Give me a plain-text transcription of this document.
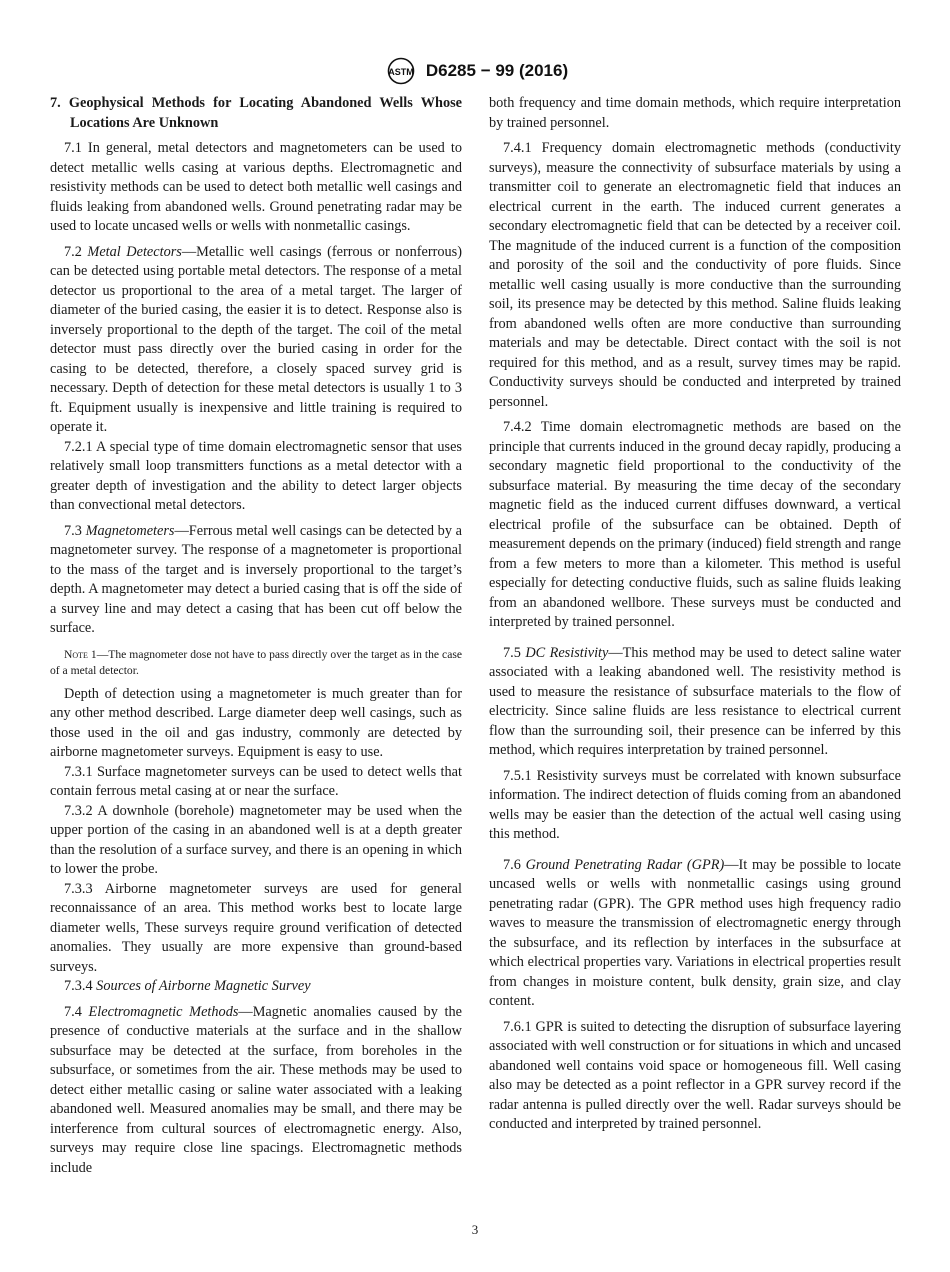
ASTM D6285 − 99 (2016)
7. Geophysical Methods for Locating Abandoned Wells Whose Locations Are Unknown

7.1 In general, metal detectors and magnetometers can be used to detect metallic wells casing at various depths. Electromagnetic and resistivity methods can be used to detect both metallic well casings and fluids leaking from abandoned wells. Ground penetrating radar may be used to locate uncased wells or wells with nonmetallic casings.

7.2 Metal Detectors—Metallic well casings (ferrous or nonferrous) can be detected using portable metal detectors. The response of a metal detector us proportional to the area of a metal target. The larger of diameter of the buried casing, the easier it is to detect. Response also is inversely proportional to the depth of the target. The coil of the metal detector must pass directly over the buried casing in order for the casing to be detected, therefore, a closely spaced survey grid is necessary. Depth of detection for these metal detectors is usually 1 to 3 ft. Equipment usually is inexpensive and little training is required to operate it.

7.2.1 A special type of time domain electromagnetic sensor that uses relatively small loop transmitters functions as a metal detector with a greater depth of investigation and the ability to detect larger objects than convectional metal detectors.

7.3 Magnetometers—Ferrous metal well casings can be detected by a magnetometer survey. The response of a magnetometer is proportional to the mass of the target and is inversely proportional to the target’s depth. A magnetometer may detect a buried casing that is off the side of a survey line and may detect a casing that has been cut off below the surface.

Note 1—The magnometer dose not have to pass directly over the target as in the case of a metal detector.

Depth of detection using a magnetometer is much greater than for any other method described. Large diameter deep well casings, such as those used in the oil and gas industry, commonly are detected by airborne magnetometer surveys. Equipment is easy to use.

7.3.1 Surface magnetometer surveys can be used to detect wells that contain ferrous metal casing at or near the surface.

7.3.2 A downhole (borehole) magnetometer may be used when the upper portion of the casing in an abandoned well is at a depth greater than the resolution of a surface survey, and there is an opening in which to lower the probe.

7.3.3 Airborne magnetometer surveys are used for general reconnaissance of an area. This method works best to locate large diameter wells, These surveys require ground verification of detected anomalies. They usually are more expensive than ground-based surveys.

7.3.4 Sources of Airborne Magnetic Survey

7.4 Electromagnetic Methods—Magnetic anomalies caused by the presence of conductive materials at the surface and in the shallow subsurface may be detected at the surface, from boreholes in the subsurface, or sometimes from the air. These methods may be used to detect either metallic casing or saline water associated with a leaking abandoned well. Measured anomalies may be small, and there may be interference from cultural sources of electromagnetic energy. Also, surveys may require close line spacings. Electromagnetic methods include

both frequency and time domain methods, which require interpretation by trained personnel.

7.4.1 Frequency domain electromagnetic methods (conductivity surveys), measure the connectivity of subsurface materials by using a transmitter coil to generate an electromagnetic field that induces an electrical current in the earth. The induced current generates a secondary electromagnetic field that can be detected by a receiver coil. The magnitude of the induced current is a function of the composition and porosity of the soil and the conductivity of pore fluids. Since metallic well casing usually is more conductive than the surrounding soil, its presence may be detected by this method. Saline fluids leaking from abandoned wells often are more conductive than surrounding materials and may be detectable. Direct contact with the soil is not required for this method, and as a result, survey times may be rapid. Conductivity surveys should be conducted and interpreted by trained personnel.

7.4.2 Time domain electromagnetic methods are based on the principle that currents induced in the ground decay rapidly, producing a secondary magnetic field proportional to the conductivity of the subsurface material. By measuring the time decay of the secondary magnetic field as the induced current diffuses downward, a vertical electrical profile of the subsurface can be obtained. Depth of measurement depends on the primary (induced) field strength and range from a few meters to more than a kilometer. This method is useful especially for detecting conductive fluids, such as saline fluids leaking from an abandoned wellbore. These surveys must be conducted and interpreted by trained personnel.

7.5 DC Resistivity—This method may be used to detect saline water associated with a leaking abandoned well. The resistivity method is used to measure the resistance of subsurface materials to the flow of electricity. Since saline fluids are less resistance to electrical current flow than the surrounding soil, their presence can be inferred by this method, which requires interpretation by trained personnel.

7.5.1 Resistivity surveys must be correlated with known subsurface information. The indirect detection of fluids coming from an abandoned wells may be easier than the detection of the actual well casing using this method.

7.6 Ground Penetrating Radar (GPR)—It may be possible to locate uncased wells or wells with nonmetallic casings using ground penetrating radar (GPR). The GPR method uses high frequency radio waves to measure the transmission of electromagnetic energy through the subsurface, and its reflection by interfaces in the subsurface at which electrical properties vary. Variations in electrical properties result from changes in moisture content, bulk density, grain size, and clay content.

7.6.1 GPR is suited to detecting the disruption of subsurface layering associated with well construction or for situations in which and uncased abandoned well contains void space or homogeneous fill. Well casing also may be detected as a point reflector in a GPR survey record if the radar antenna is pulled directly over the well. Radar surveys should be conducted and interpreted by trained personnel.

3
